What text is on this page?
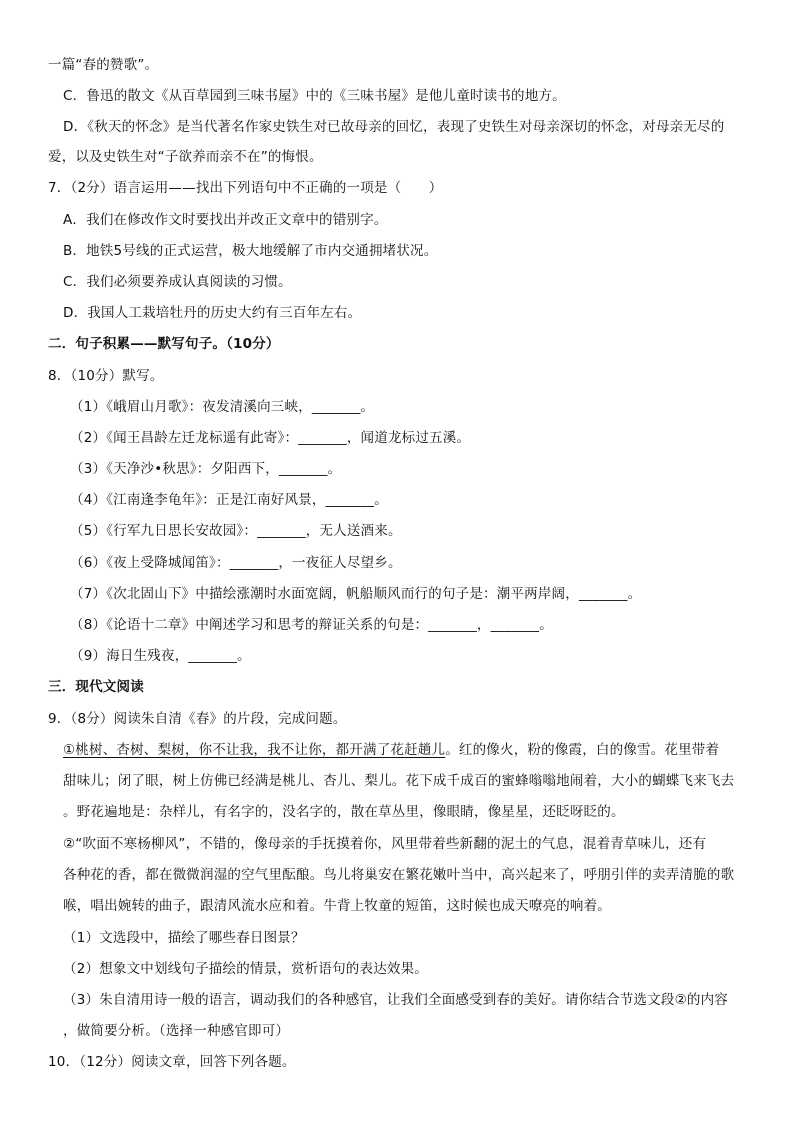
一篇“春的赞歌”。
C．鲁迅的散文《从百草园到三味书屋》中的《三味书屋》是他儿童时读书的地方。
D．《秋天的怀念》是当代著名作家史铁生对已故母亲的回忆，表现了史铁生对母亲深切的怀念，对母亲无尽的
爱，以及史铁生对“子欲养而亲不在”的悔恨。
7．（2分）语言运用——找出下列语句中不正确的一项是（　　）
A．我们在修改作文时要找出并改正文章中的错别字。
B．地铁5号线的正式运营，极大地缓解了市内交通拥堵状况。
C．我们必须要养成认真阅读的习惯。
D．我国人工栽培牡丹的历史大约有三百年左右。
二．句子积累——默写句子。（10分）
8．（10分）默写。
（1）《峨眉山月歌》：夜发清溪向三峡，_______。
（2）《闻王昌龄左迁龙标遥有此寄》：_______，闻道龙标过五溪。
（3）《天净沙•秋思》：夕阳西下，_______。
（4）《江南逢李龟年》：正是江南好风景，_______。
（5）《行军九日思长安故园》：_______，无人送酒来。
（6）《夜上受降城闻笛》：_______，一夜征人尽望乡。
（7）《次北固山下》中描绘涨潮时水面宽阔，帆船顺风而行的句子是：潮平两岸阔，_______。
（8）《论语十二章》中阐述学习和思考的辩证关系的句是：_______，_______。
（9）海日生残夜，_______。
三．现代文阅读
9．（8分）阅读朱自清《春》的片段，完成问题。
①桃树、杏树、梨树，你不让我，我不让你，都开满了花赶趟儿。红的像火，粉的像霞，白的像雪。花里带着
甜味儿；闭了眼，树上仿佛已经满是桃儿、杏儿、梨儿。花下成千成百的蜜蜂嗡嗡地闹着，大小的蝴蝶飞来飞去
。野花遍地是：杂样儿，有名字的，没名字的，散在草丛里，像眼睛，像星星，还眨呀眨的。
②“吹面不寒杨柳风”，不错的，像母亲的手抚摸着你，风里带着些新翻的泥土的气息，混着青草味儿，还有
各种花的香，都在微微润湿的空气里酝酿。鸟儿将巢安在繁花嫩叶当中，高兴起来了，呼朋引伴的卖弄清脆的歌
喉，唱出婉转的曲子，跟清风流水应和着。牛背上牧童的短笛，这时候也成天嘹亮的响着。
（1）文选段中，描绘了哪些春日图景？
（2）想象文中划线句子描绘的情景，赏析语句的表达效果。
（3）朱自清用诗一般的语言，调动我们的各种感官，让我们全面感受到春的美好。请你结合节选文段②的内容
，做简要分析。（选择一种感官即可）
10．（12分）阅读文章，回答下列各题。
